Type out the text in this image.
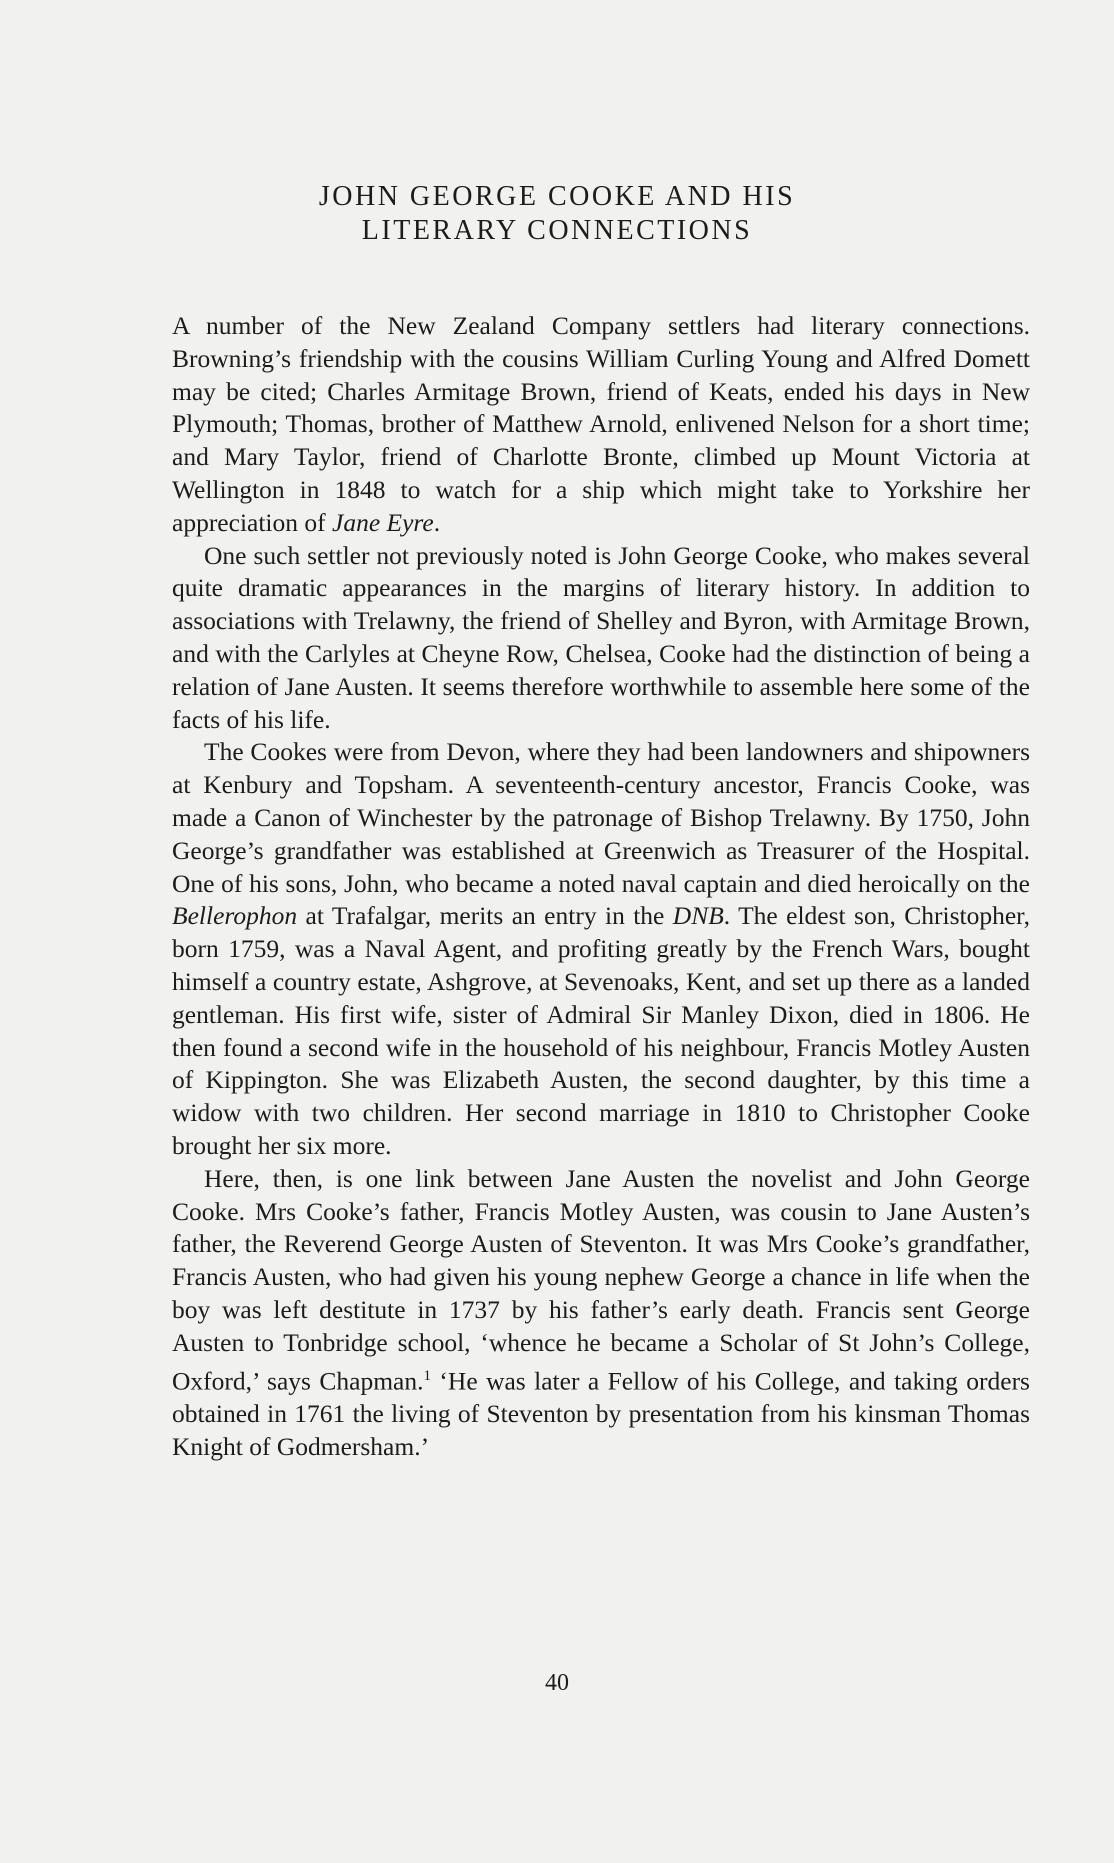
JOHN GEORGE COOKE AND HIS
LITERARY CONNECTIONS

A number of the New Zealand Company settlers had literary connections. Browning’s friendship with the cousins William Curling Young and Alfred Domett may be cited; Charles Armitage Brown, friend of Keats, ended his days in New Plymouth; Thomas, brother of Matthew Arnold, enlivened Nelson for a short time; and Mary Taylor, friend of Charlotte Bronte, climbed up Mount Victoria at Wellington in 1848 to watch for a ship which might take to Yorkshire her appreciation of Jane Eyre.

One such settler not previously noted is John George Cooke, who makes several quite dramatic appearances in the margins of literary history. In addition to associations with Trelawny, the friend of Shelley and Byron, with Armitage Brown, and with the Carlyles at Cheyne Row, Chelsea, Cooke had the distinction of being a relation of Jane Austen. It seems therefore worthwhile to assemble here some of the facts of his life.

The Cookes were from Devon, where they had been landowners and shipowners at Kenbury and Topsham. A seventeenth-century ancestor, Francis Cooke, was made a Canon of Winchester by the patronage of Bishop Trelawny. By 1750, John George’s grandfather was established at Greenwich as Treasurer of the Hospital. One of his sons, John, who became a noted naval captain and died heroically on the Bellerophon at Trafalgar, merits an entry in the DNB. The eldest son, Christopher, born 1759, was a Naval Agent, and profiting greatly by the French Wars, bought himself a country estate, Ashgrove, at Sevenoaks, Kent, and set up there as a landed gentleman. His first wife, sister of Admiral Sir Manley Dixon, died in 1806. He then found a second wife in the household of his neighbour, Francis Motley Austen of Kippington. She was Elizabeth Austen, the second daughter, by this time a widow with two children. Her second marriage in 1810 to Christopher Cooke brought her six more.

Here, then, is one link between Jane Austen the novelist and John George Cooke. Mrs Cooke’s father, Francis Motley Austen, was cousin to Jane Austen’s father, the Reverend George Austen of Steventon. It was Mrs Cooke’s grandfather, Francis Austen, who had given his young nephew George a chance in life when the boy was left destitute in 1737 by his father’s early death. Francis sent George Austen to Tonbridge school, ‘whence he became a Scholar of St John’s College, Oxford,’ says Chapman.$^1$ ‘He was later a Fellow of his College, and taking orders obtained in 1761 the living of Steventon by presentation from his kinsman Thomas Knight of Godmersham.’

40
